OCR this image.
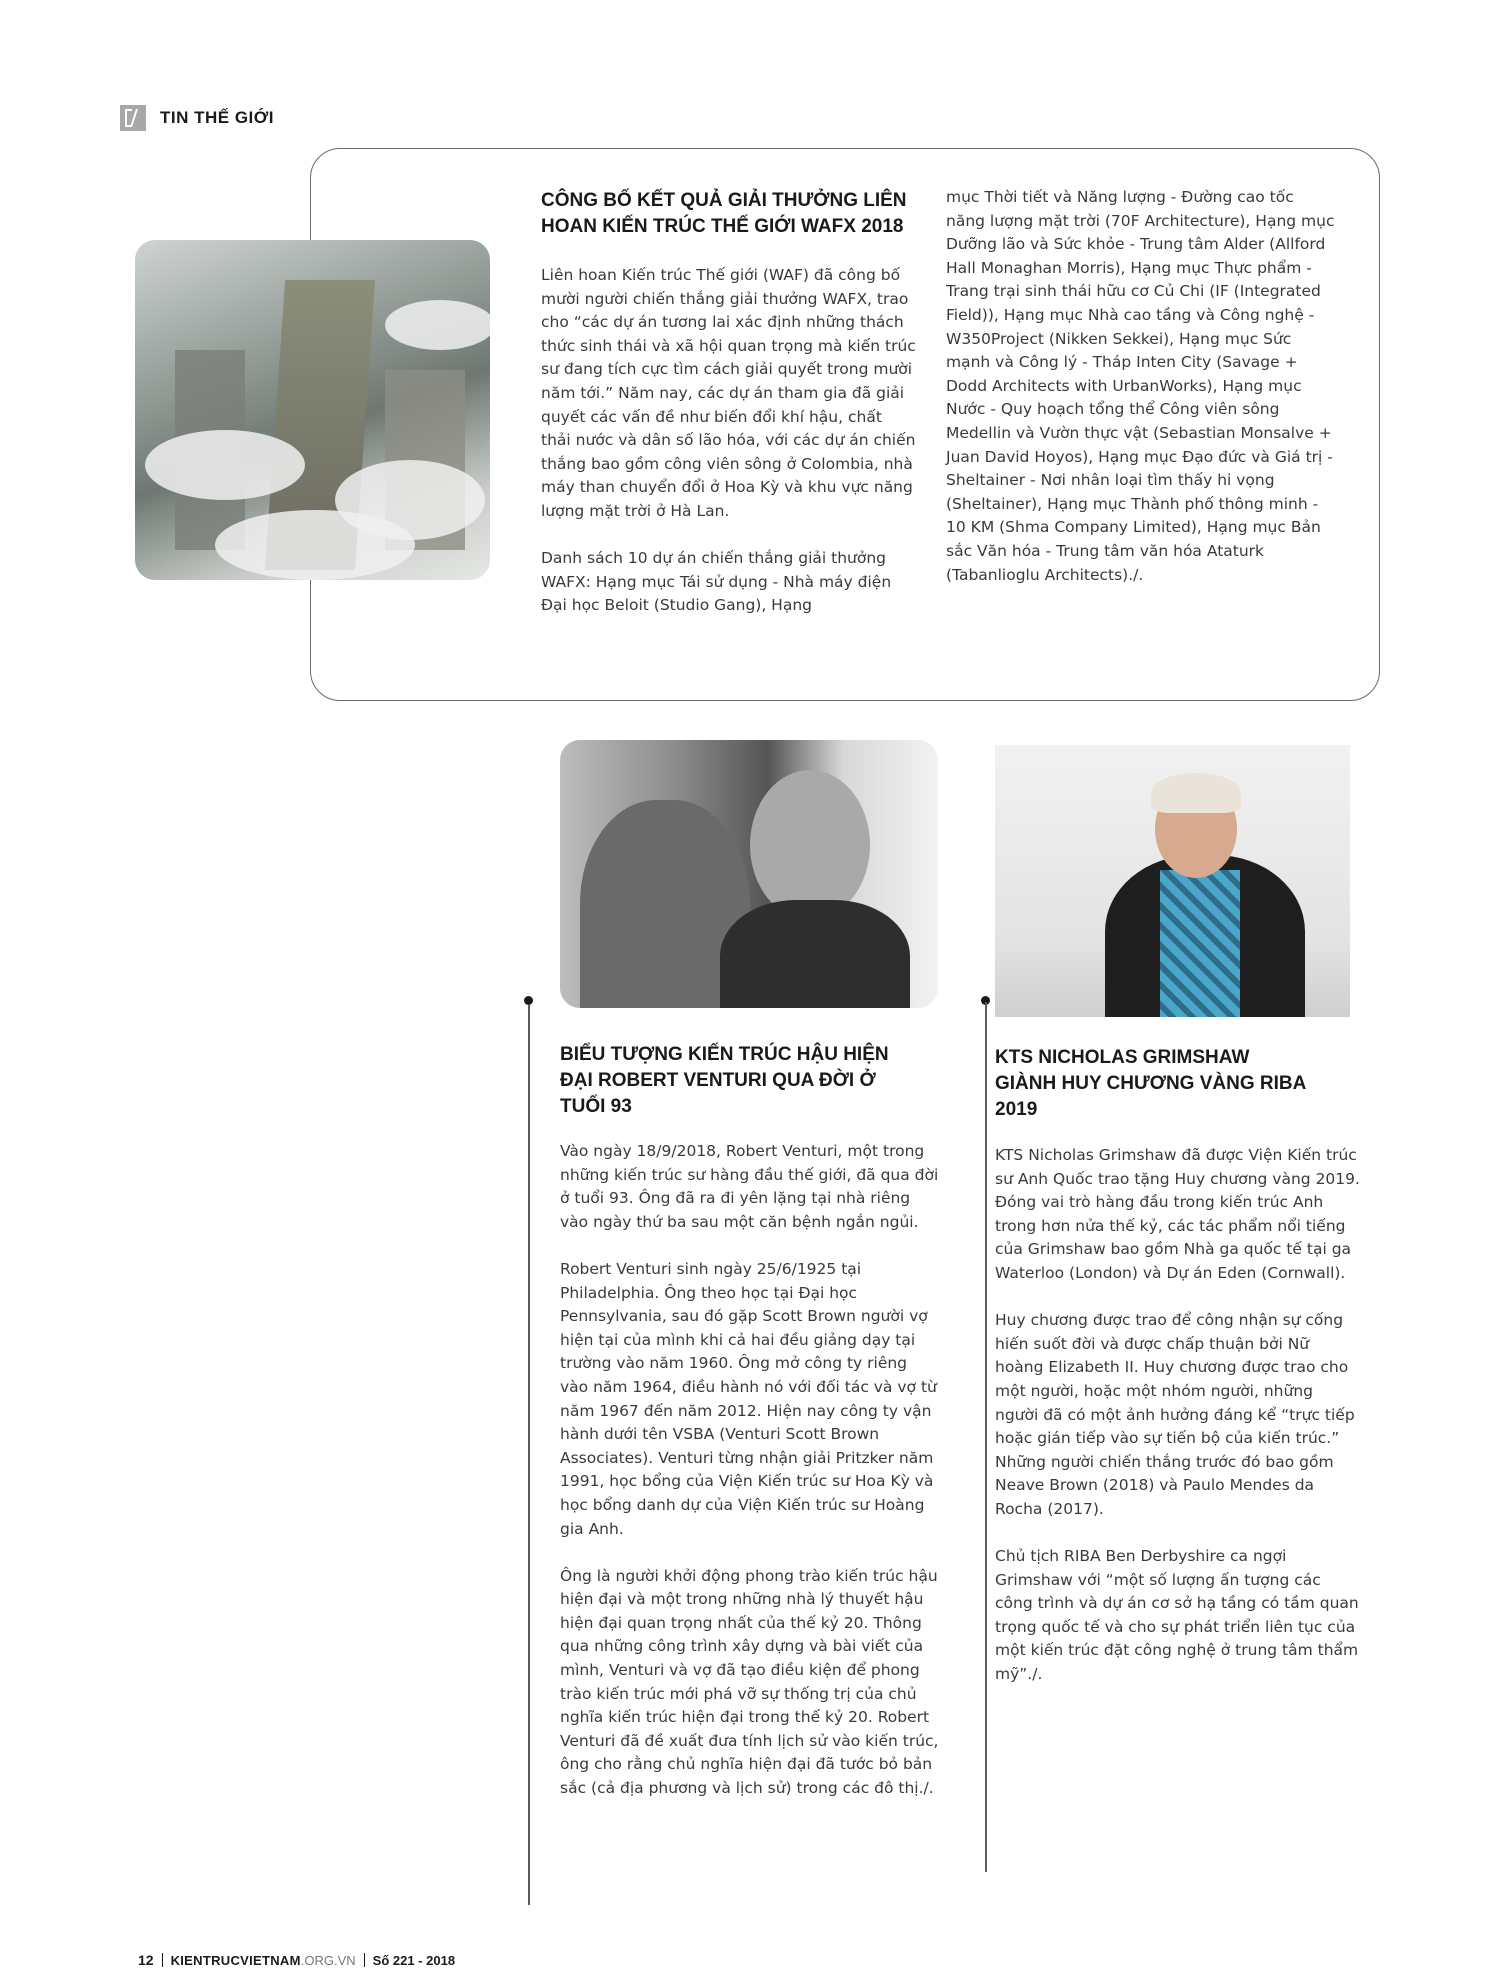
TIN THẾ GIỚI
CÔNG BỐ KẾT QUẢ GIẢI THƯỞNG LIÊN HOAN KIẾN TRÚC THẾ GIỚI WAFX 2018

Liên hoan Kiến trúc Thế giới (WAF) đã công bố mười người chiến thắng giải thưởng WAFX, trao cho “các dự án tương lai xác định những thách thức sinh thái và xã hội quan trọng mà kiến trúc sư đang tích cực tìm cách giải quyết trong mười năm tới.” Năm nay, các dự án tham gia đã giải quyết các vấn đề như biến đổi khí hậu, chất thải nước và dân số lão hóa, với các dự án chiến thắng bao gồm công viên sông ở Colombia, nhà máy than chuyển đổi ở Hoa Kỳ và khu vực năng lượng mặt trời ở Hà Lan.

Danh sách 10 dự án chiến thắng giải thưởng WAFX: Hạng mục Tái sử dụng - Nhà máy điện Đại học Beloit (Studio Gang), Hạng

mục Thời tiết và Năng lượng - Đường cao tốc năng lượng mặt trời (70F Architecture), Hạng mục Dưỡng lão và Sức khỏe - Trung tâm Alder (Allford Hall Monaghan Morris), Hạng mục Thực phẩm - Trang trại sinh thái hữu cơ Củ Chi (IF (Integrated Field)), Hạng mục Nhà cao tầng và Công nghệ - W350Project (Nikken Sekkei), Hạng mục Sức mạnh và Công lý - Tháp Inten City (Savage + Dodd Architects with UrbanWorks), Hạng mục Nước - Quy hoạch tổng thể Công viên sông Medellin và Vườn thực vật (Sebastian Monsalve + Juan David Hoyos), Hạng mục Đạo đức và Giá trị - Sheltainer - Nơi nhân loại tìm thấy hi vọng (Sheltainer), Hạng mục Thành phố thông minh - 10 KM (Shma Company Limited), Hạng mục Bản sắc Văn hóa - Trung tâm văn hóa Ataturk (Tabanlioglu Architects)./.

BIỂU TƯỢNG KIẾN TRÚC HẬU HIỆN ĐẠI ROBERT VENTURI QUA ĐỜI Ở TUỔI 93

Vào ngày 18/9/2018, Robert Venturi, một trong những kiến trúc sư hàng đầu thế giới, đã qua đời ở tuổi 93. Ông đã ra đi yên lặng tại nhà riêng vào ngày thứ ba sau một căn bệnh ngắn ngủi.

Robert Venturi sinh ngày 25/6/1925 tại Philadelphia. Ông theo học tại Đại học Pennsylvania, sau đó gặp Scott Brown người vợ hiện tại của mình khi cả hai đều giảng dạy tại trường vào năm 1960. Ông mở công ty riêng vào năm 1964, điều hành nó với đối tác và vợ từ năm 1967 đến năm 2012. Hiện nay công ty vận hành dưới tên VSBA (Venturi Scott Brown Associates). Venturi từng nhận giải Pritzker năm 1991, học bổng của Viện Kiến trúc sư Hoa Kỳ và học bổng danh dự của Viện Kiến trúc sư Hoàng gia Anh.

Ông là người khởi động phong trào kiến trúc hậu hiện đại và một trong những nhà lý thuyết hậu hiện đại quan trọng nhất của thế kỷ 20. Thông qua những công trình xây dựng và bài viết của mình, Venturi và vợ đã tạo điều kiện để phong trào kiến trúc mới phá vỡ sự thống trị của chủ nghĩa kiến trúc hiện đại trong thế kỷ 20. Robert Venturi đã đề xuất đưa tính lịch sử vào kiến trúc, ông cho rằng chủ nghĩa hiện đại đã tước bỏ bản sắc (cả địa phương và lịch sử) trong các đô thị./.

KTS NICHOLAS GRIMSHAW GIÀNH HUY CHƯƠNG VÀNG RIBA 2019

KTS Nicholas Grimshaw đã được Viện Kiến trúc sư Anh Quốc trao tặng Huy chương vàng 2019. Đóng vai trò hàng đầu trong kiến trúc Anh trong hơn nửa thế kỷ, các tác phẩm nổi tiếng của Grimshaw bao gồm Nhà ga quốc tế tại ga Waterloo (London) và Dự án Eden (Cornwall).

Huy chương được trao để công nhận sự cống hiến suốt đời và được chấp thuận bởi Nữ hoàng Elizabeth II. Huy chương được trao cho một người, hoặc một nhóm người, những người đã có một ảnh hưởng đáng kể “trực tiếp hoặc gián tiếp vào sự tiến bộ của kiến trúc.” Những người chiến thắng trước đó bao gồm Neave Brown (2018) và Paulo Mendes da Rocha (2017).

Chủ tịch RIBA Ben Derbyshire ca ngợi Grimshaw với “một số lượng ấn tượng các công trình và dự án cơ sở hạ tầng có tầm quan trọng quốc tế và cho sự phát triển liên tục của một kiến trúc đặt công nghệ ở trung tâm thẩm mỹ”./.

12 KIENTRUCVIETNAM.ORG.VN Số 221 - 2018
